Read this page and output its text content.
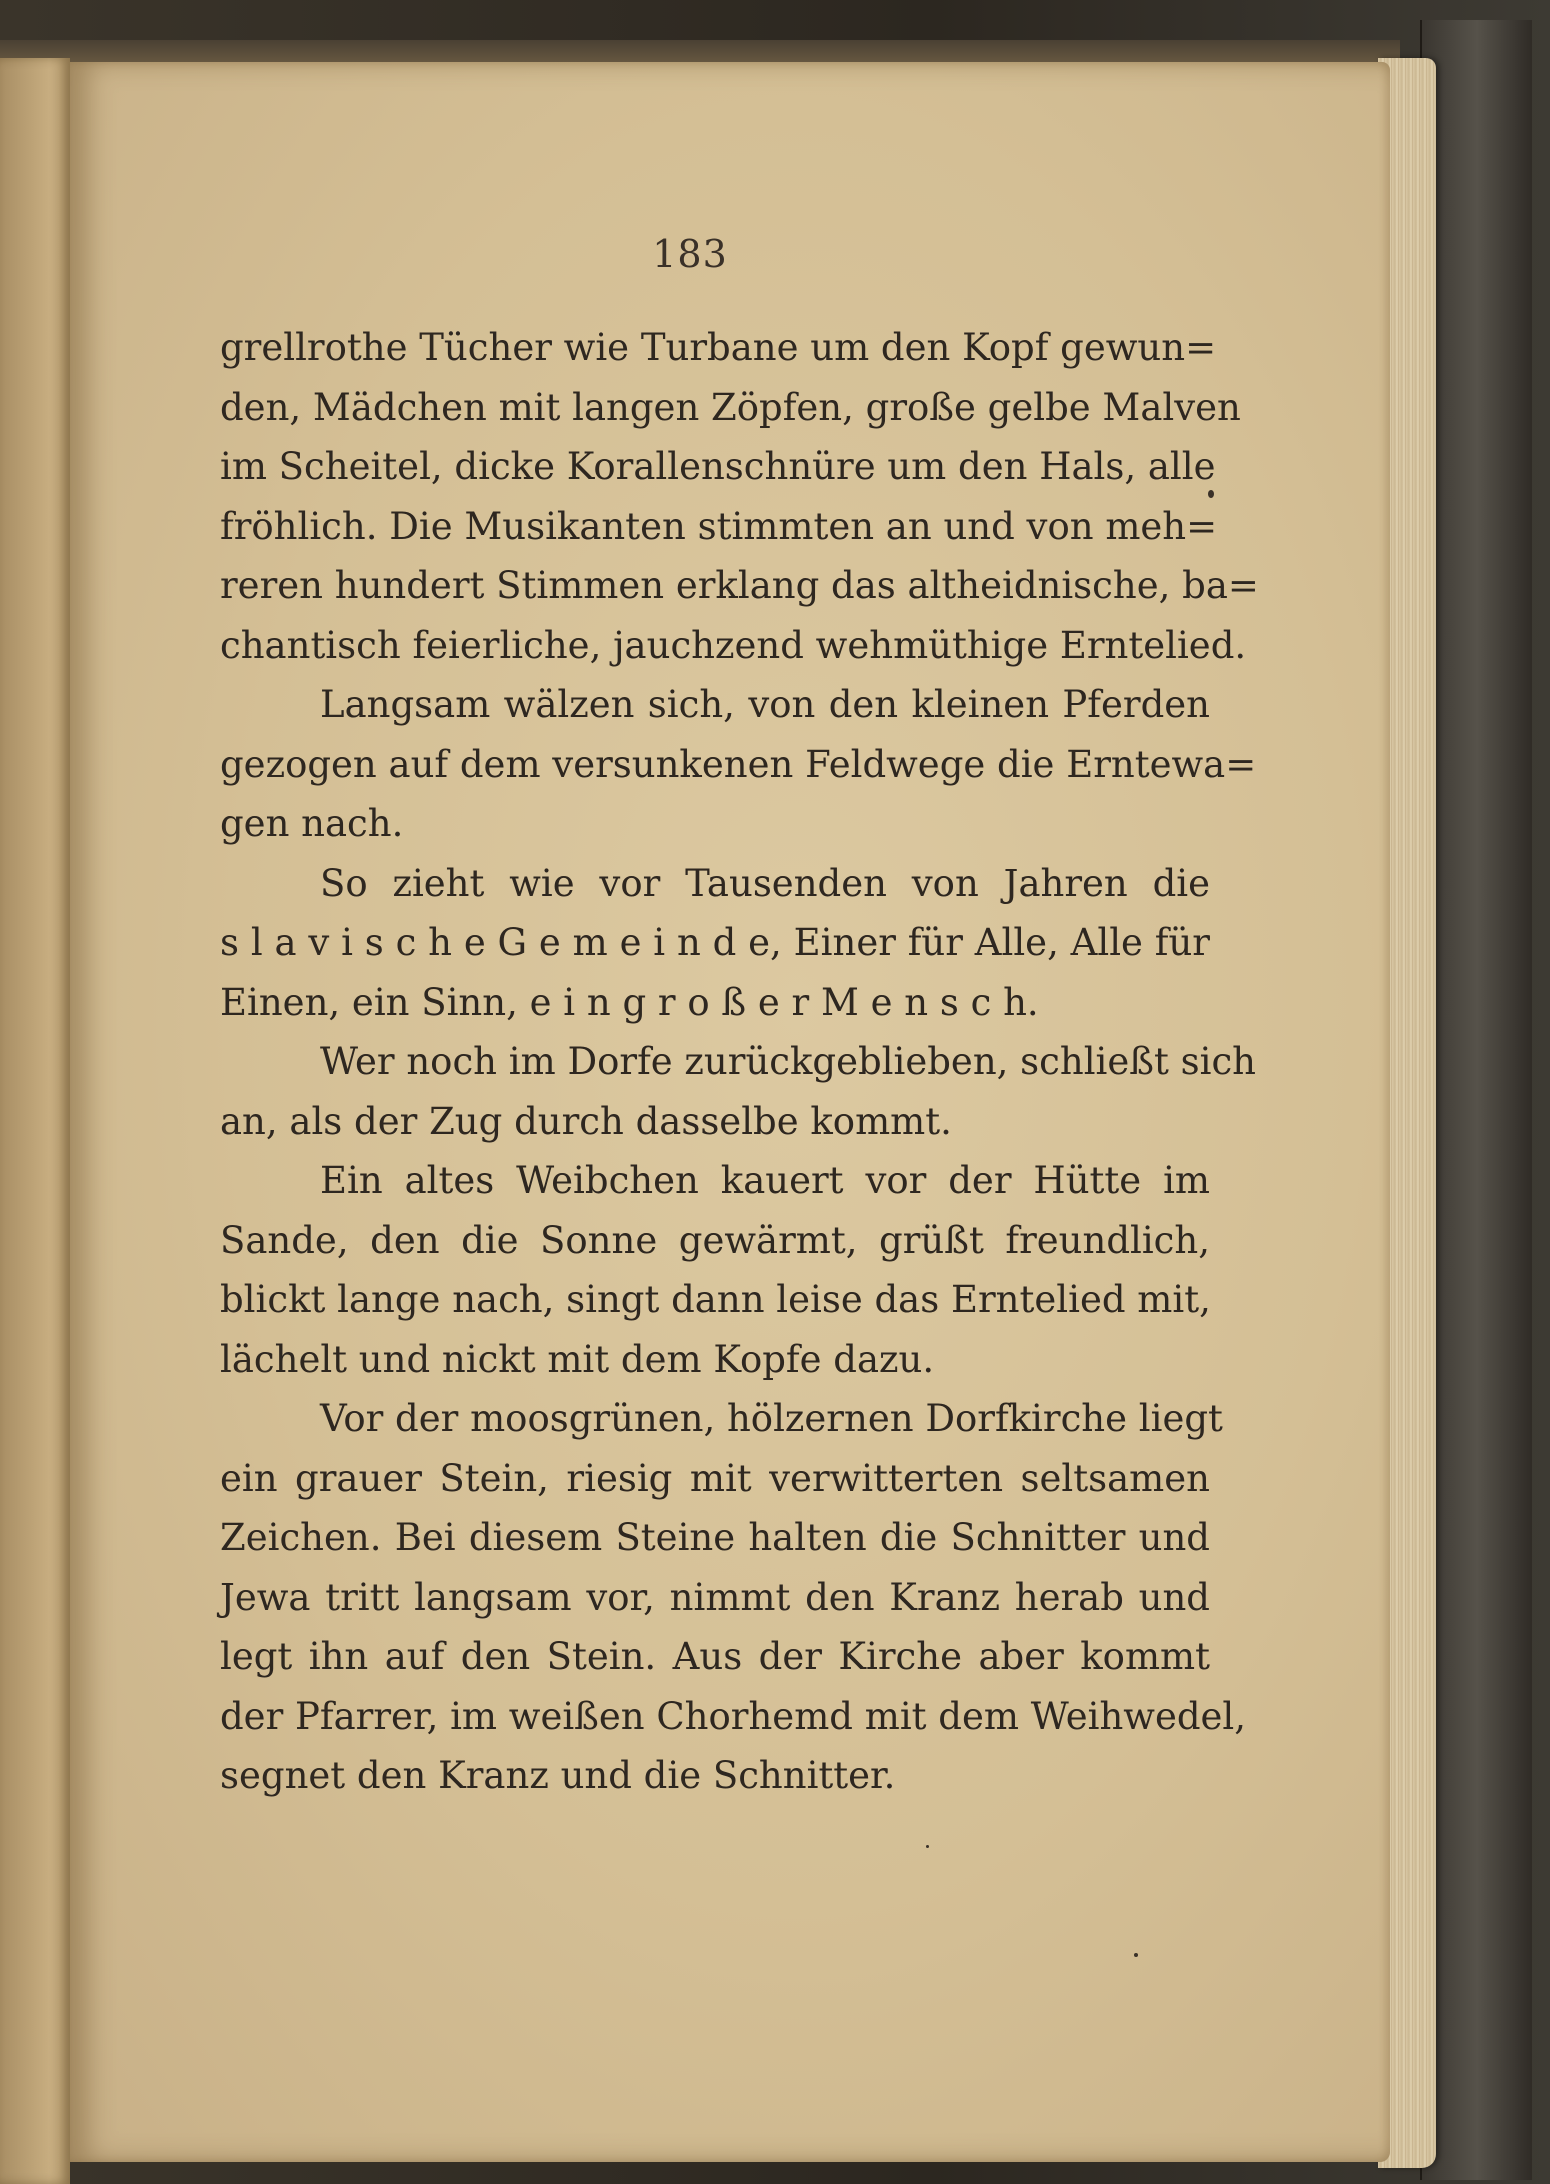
183
grellrothe Tücher wie Turbane um den Kopf gewun=
den, Mädchen mit langen Zöpfen, große gelbe Malven
im Scheitel, dicke Korallenschnüre um den Hals, alle
fröhlich. Die Musikanten stimmten an und von meh=
reren hundert Stimmen erklang das altheidnische, ba=
chantisch feierliche, jauchzend wehmüthige Erntelied.
Langsam wälzen sich, von den kleinen Pferden
gezogen auf dem versunkenen Feldwege die Erntewa=
gen nach.
So zieht wie vor Tausenden von Jahren die
s l a v i s c h e G e m e i n d e, Einer für Alle, Alle für
Einen, ein Sinn, e i n g r o ß e r M e n s c h.
Wer noch im Dorfe zurückgeblieben, schließt sich
an, als der Zug durch dasselbe kommt.
Ein altes Weibchen kauert vor der Hütte im
Sande, den die Sonne gewärmt, grüßt freundlich,
blickt lange nach, singt dann leise das Erntelied mit,
lächelt und nickt mit dem Kopfe dazu.
Vor der moosgrünen, hölzernen Dorfkirche liegt
ein grauer Stein, riesig mit verwitterten seltsamen
Zeichen. Bei diesem Steine halten die Schnitter und
Jewa tritt langsam vor, nimmt den Kranz herab und
legt ihn auf den Stein. Aus der Kirche aber kommt
der Pfarrer, im weißen Chorhemd mit dem Weihwedel,
segnet den Kranz und die Schnitter.
